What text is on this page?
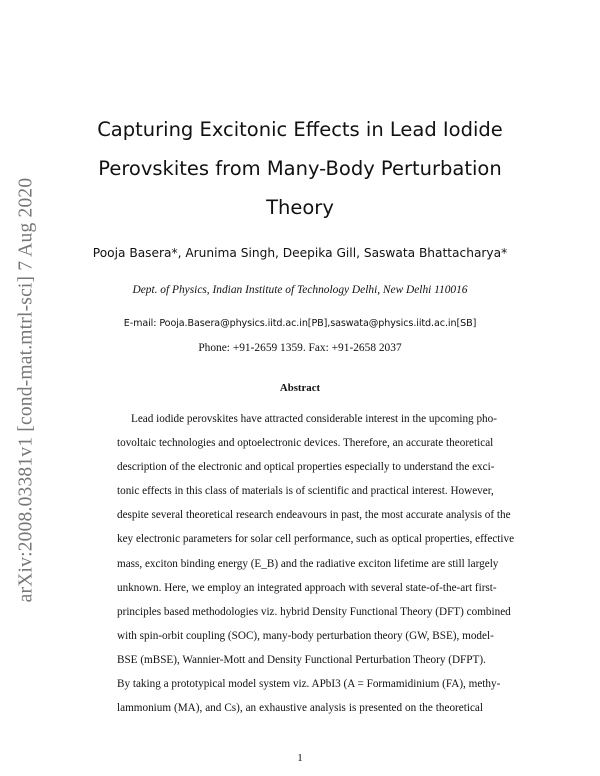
arXiv:2008.03381v1 [cond-mat.mtrl-sci] 7 Aug 2020
Capturing Excitonic Effects in Lead Iodide
Perovskites from Many-Body Perturbation
Theory
Pooja Basera*, Arunima Singh, Deepika Gill, Saswata Bhattacharya*
Dept. of Physics, Indian Institute of Technology Delhi, New Delhi 110016
E-mail: Pooja.Basera@physics.iitd.ac.in[PB],saswata@physics.iitd.ac.in[SB]
Phone: +91-2659 1359. Fax: +91-2658 2037
Abstract
Lead iodide perovskites have attracted considerable interest in the upcoming pho-
tovoltaic technologies and optoelectronic devices. Therefore, an accurate theoretical
description of the electronic and optical properties especially to understand the exci-
tonic effects in this class of materials is of scientific and practical interest. However,
despite several theoretical research endeavours in past, the most accurate analysis of the
key electronic parameters for solar cell performance, such as optical properties, effective
mass, exciton binding energy (E_B) and the radiative exciton lifetime are still largely
unknown. Here, we employ an integrated approach with several state-of-the-art first-
principles based methodologies viz. hybrid Density Functional Theory (DFT) combined
with spin-orbit coupling (SOC), many-body perturbation theory (GW, BSE), model-
BSE (mBSE), Wannier-Mott and Density Functional Perturbation Theory (DFPT).
By taking a prototypical model system viz. APbI3 (A = Formamidinium (FA), methy-
lammonium (MA), and Cs), an exhaustive analysis is presented on the theoretical
1
